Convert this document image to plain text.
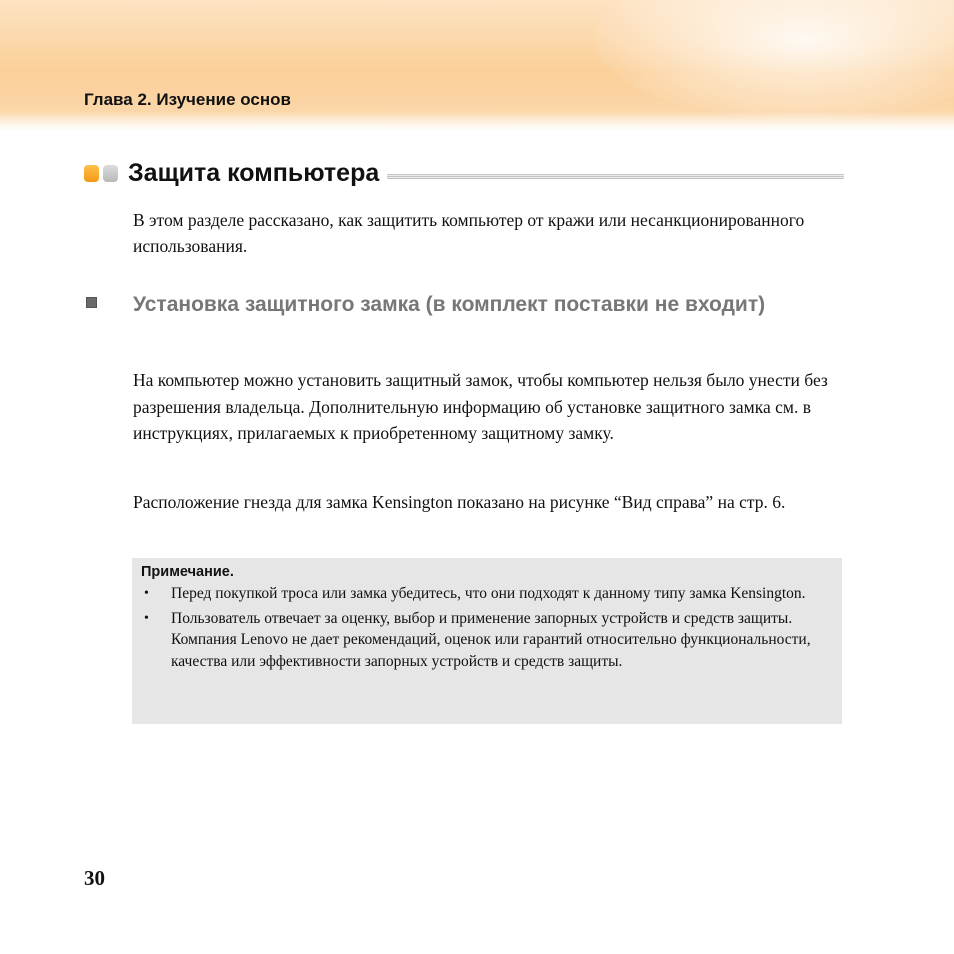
Глава 2. Изучение основ
Защита компьютера

В этом разделе рассказано, как защитить компьютер от кражи или несанкционированного использования.

Установка защитного замка (в комплект поставки не входит)

На компьютер можно установить защитный замок, чтобы компьютер нельзя было унести без разрешения владельца. Дополнительную информацию об установке защитного замка см. в инструкциях, прилагаемых к приобретенному защитному замку.

Расположение гнезда для замка Kensington показано на рисунке “Вид справа” на стр. 6.

Примечание.

• Перед покупкой троса или замка убедитесь, что они подходят к данному типу замка Kensington.
• Пользователь отвечает за оценку, выбор и применение запорных устройств и средств защиты. Компания Lenovo не дает рекомендаций, оценок или гарантий относительно функциональности, качества или эффективности запорных устройств и средств защиты.

30
